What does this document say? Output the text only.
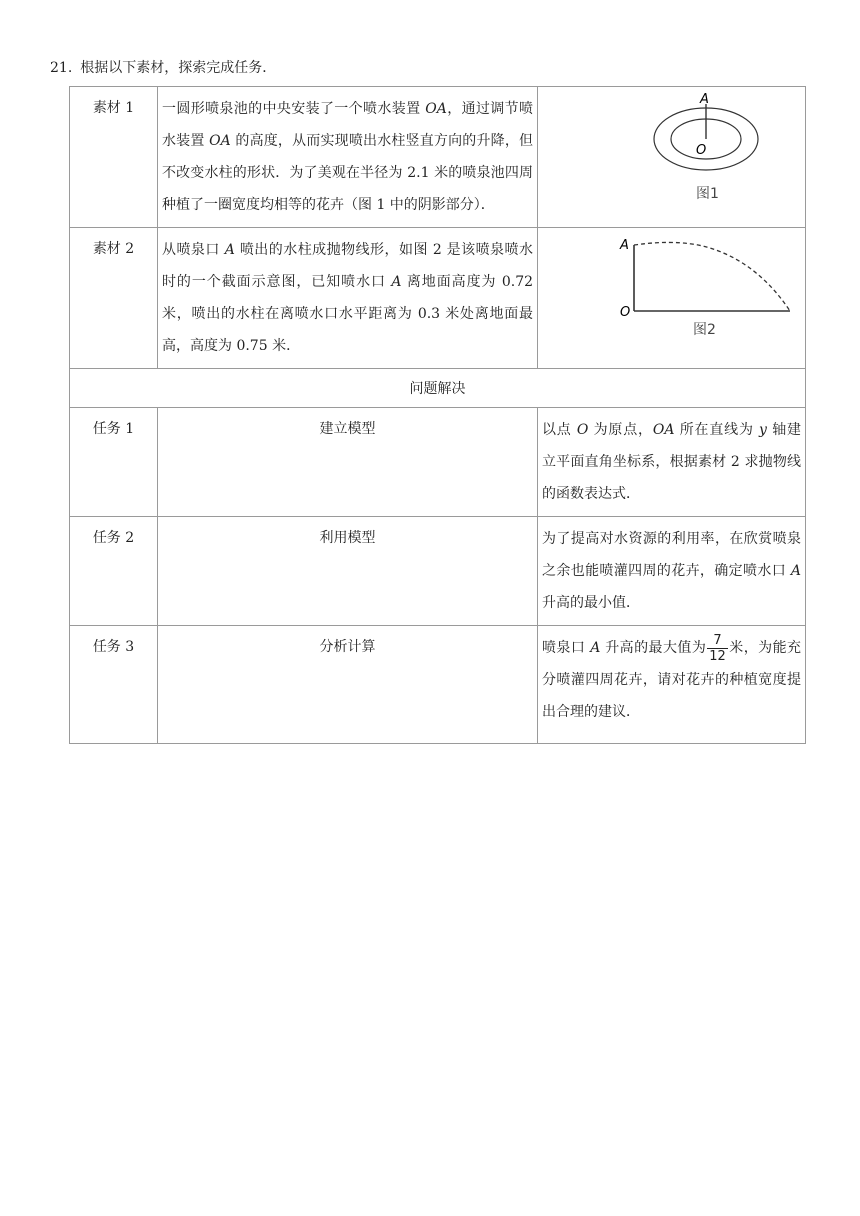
21. 根据以下素材，探索完成任务．
素材 1	一圆形喷泉池的中央安装了一个喷水装置 OA，通过调节喷水装置 OA 的高度，从而实现喷出水柱竖直方向的升降，但不改变水柱的形状．为了美观在半径为 2.1 米的喷泉池四周种植了一圈宽度均相等的花卉（图 1 中的阴影部分）．	A
O
图1

素材 2	从喷泉口 A 喷出的水柱成抛物线形，如图 2 是该喷泉喷水时的一个截面示意图，已知喷水口 A 离地面高度为 0.72 米，喷出的水柱在离喷水口水平距离为 0.3 米处离地面最高，高度为 0.75 米．	A
O
图2

问题解决		
任务 1	建立模型	以点 O 为原点，OA 所在直线为 y 轴建立平面直角坐标系，根据素材 2 求抛物线的函数表达式．
任务 2	利用模型	为了提高对水资源的利用率，在欣赏喷泉之余也能喷灌四周的花卉，确定喷水口 A 升高的最小值．
任务 3	分析计算	喷泉口 A 升高的最大值为 $\frac{7}{12}$ 米，为能充分喷灌四周花卉，请对花卉的种植宽度提出合理的建议．
